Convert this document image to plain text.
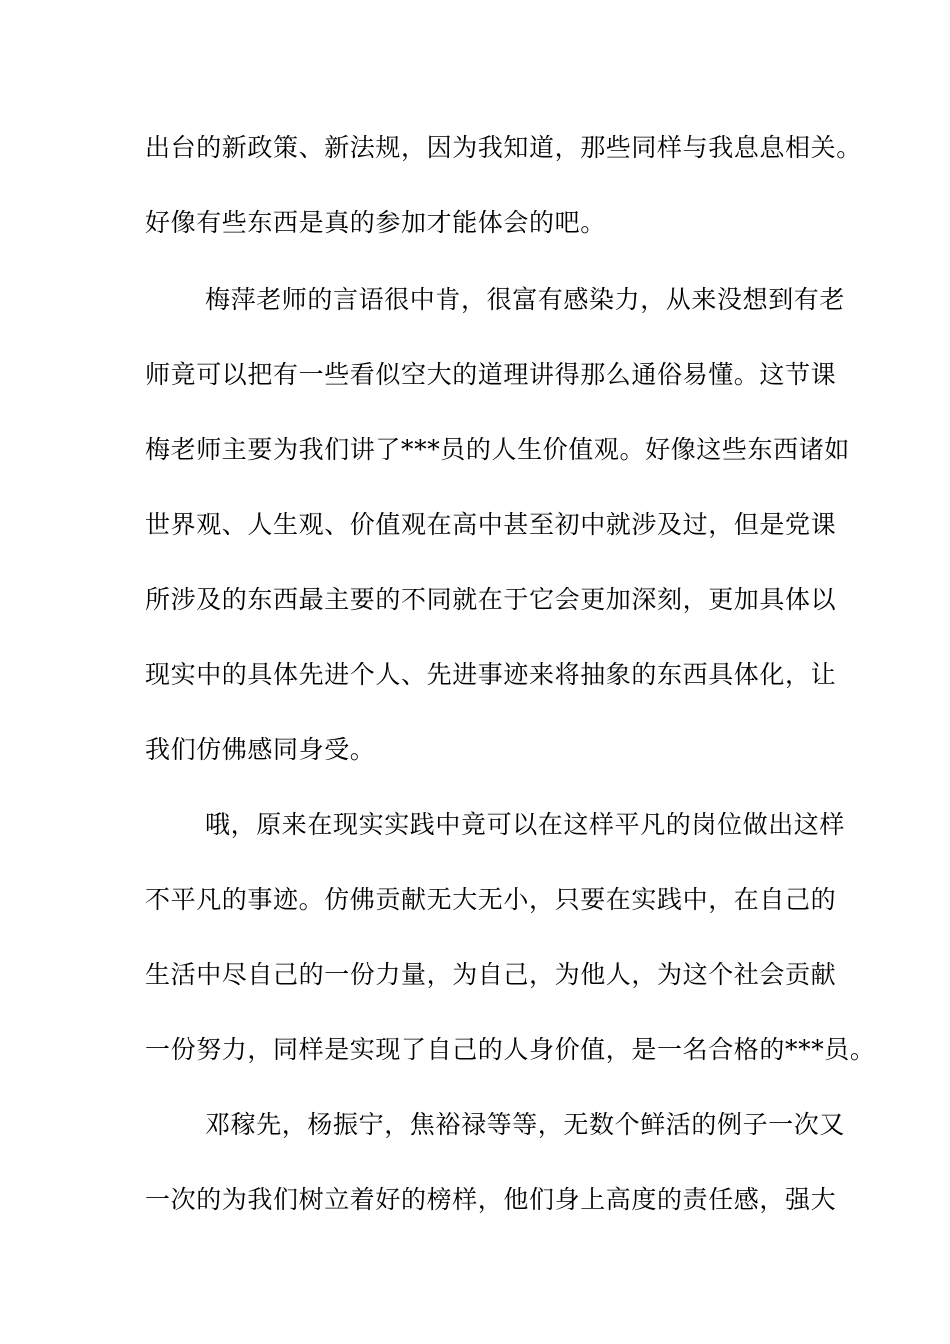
出台的新政策、新法规，因为我知道，那些同样与我息息相关。
好像有些东西是真的参加才能体会的吧。
梅萍老师的言语很中肯，很富有感染力，从来没想到有老
师竟可以把有一些看似空大的道理讲得那么通俗易懂。这节课
梅老师主要为我们讲了***员的人生价值观。好像这些东西诸如
世界观、人生观、价值观在高中甚至初中就涉及过，但是党课
所涉及的东西最主要的不同就在于它会更加深刻，更加具体以
现实中的具体先进个人、先进事迹来将抽象的东西具体化，让
我们仿佛感同身受。
哦，原来在现实实践中竟可以在这样平凡的岗位做出这样
不平凡的事迹。仿佛贡献无大无小，只要在实践中，在自己的
生活中尽自己的一份力量，为自己，为他人，为这个社会贡献
一份努力，同样是实现了自己的人身价值，是一名合格的***员。
邓稼先，杨振宁，焦裕禄等等，无数个鲜活的例子一次又
一次的为我们树立着好的榜样，他们身上高度的责任感，强大
